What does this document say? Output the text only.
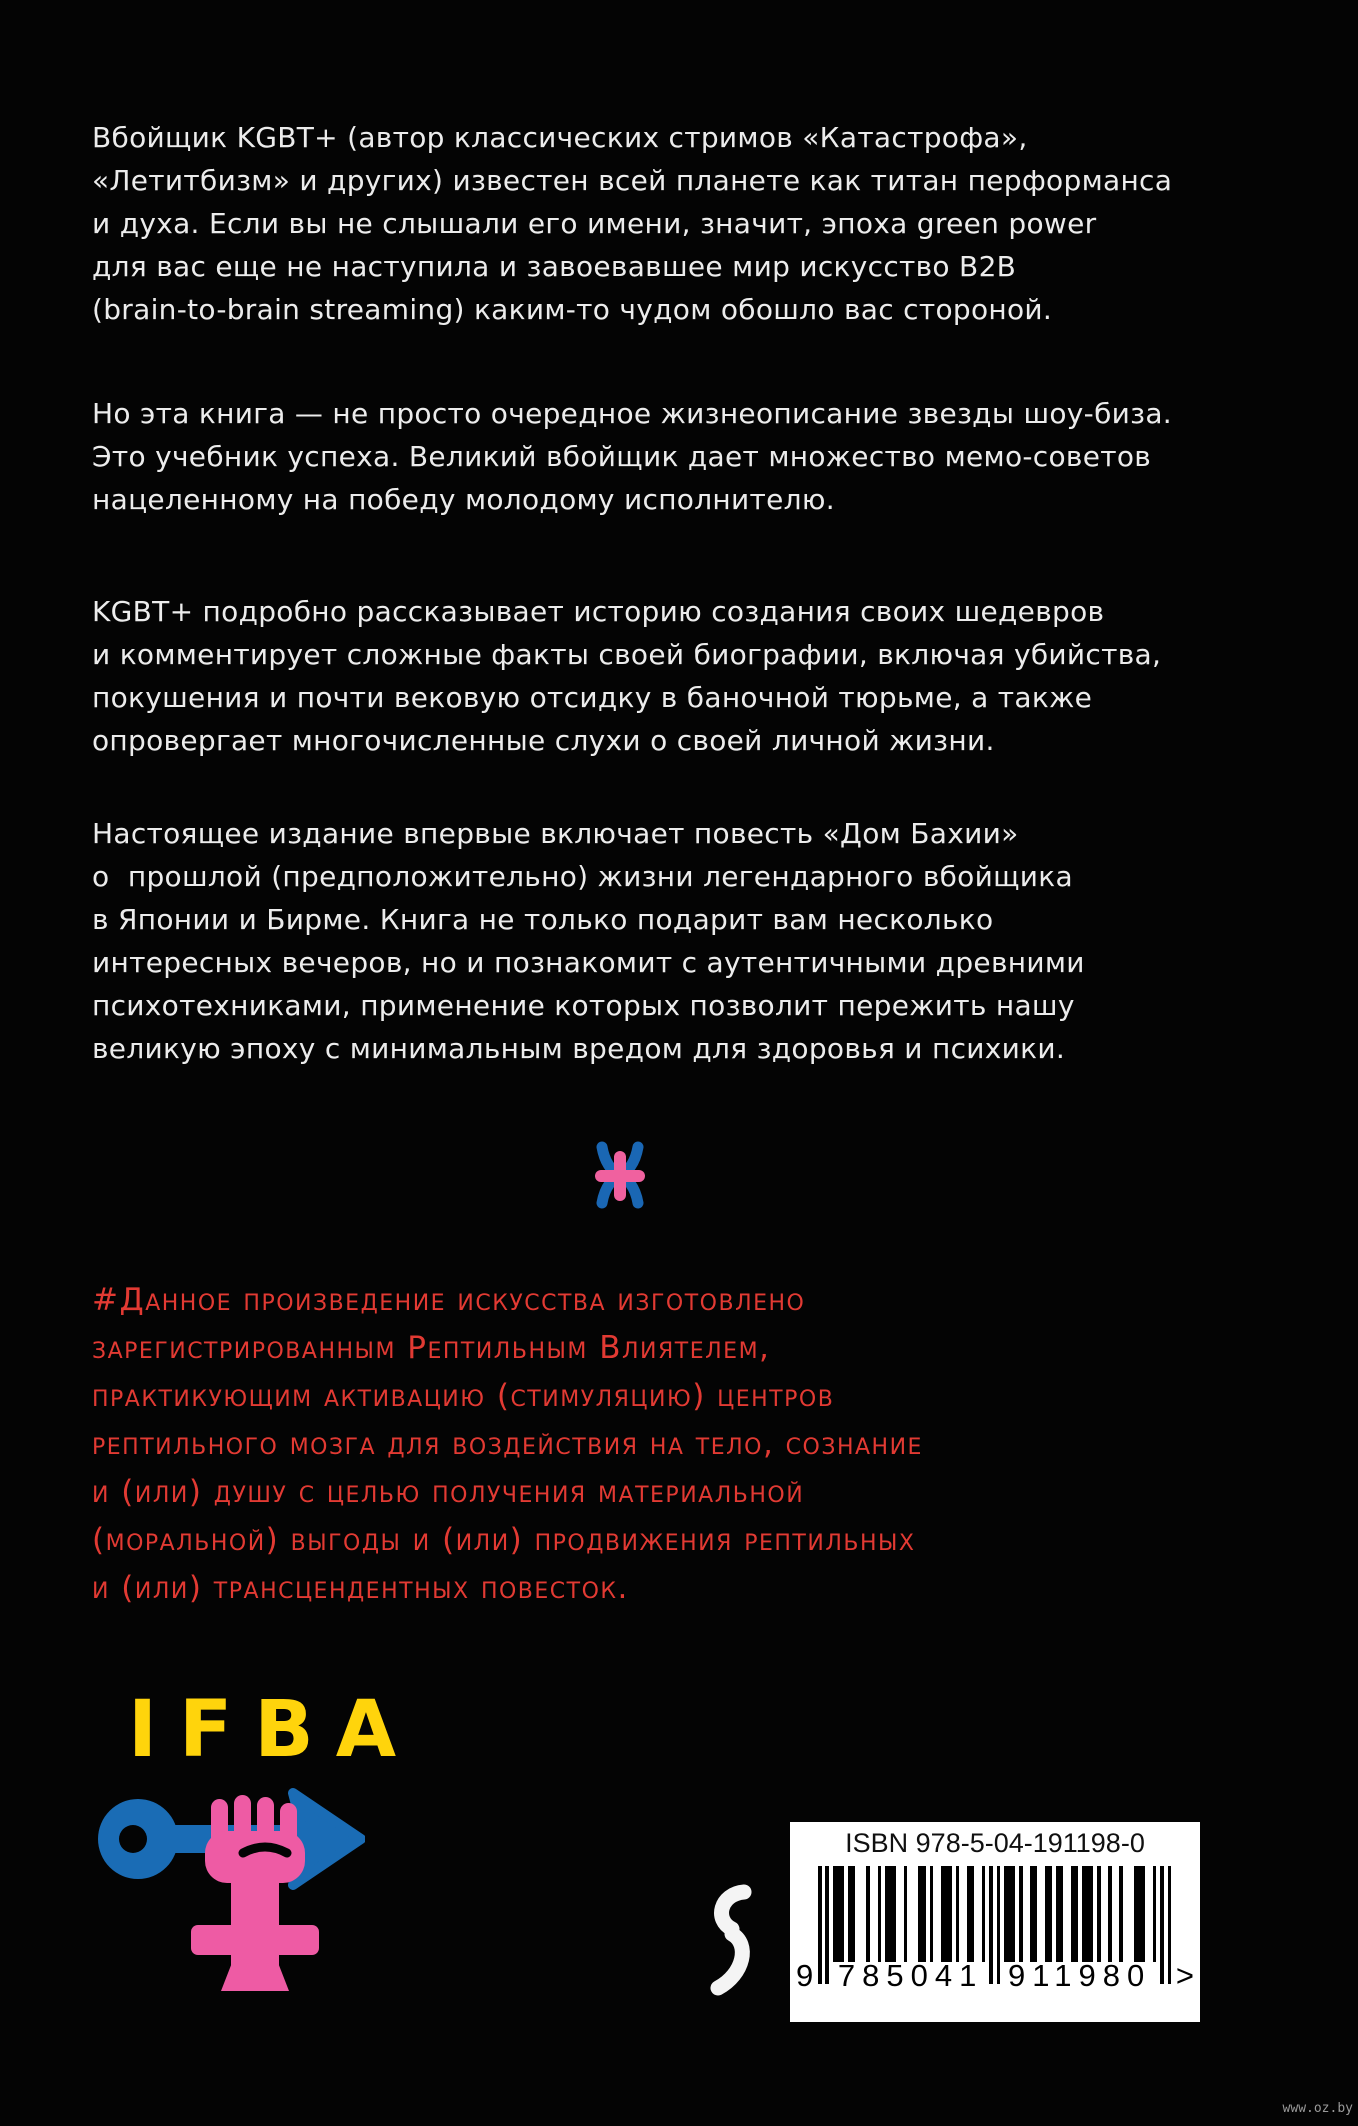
Вбойщик KGBT+ (автор классических стримов «Катастрофа»,
«Летитбизм» и других) известен всей планете как титан перформанса
и духа. Если вы не слышали его имени, значит, эпоха green power
для вас еще не наступила и завоевавшее мир искусство B2B
(brain-to-brain streaming) каким-то чудом обошло вас стороной.
Но эта книга — не просто очередное жизнеописание звезды шоу-биза.
Это учебник успеха. Великий вбойщик дает множество мемо-советов
нацеленному на победу молодому исполнителю.
KGBT+ подробно рассказывает историю создания своих шедевров
и комментирует сложные факты своей биографии, включая убийства,
покушения и почти вековую отсидку в баночной тюрьме, а также
опровергает многочисленные слухи о своей личной жизни.
Настоящее издание впервые включает повесть «Дом Бахии»
о  прошлой (предположительно) жизни легендарного вбойщика
в Японии и Бирме. Книга не только подарит вам несколько
интересных вечеров, но и познакомит с аутентичными древними
психотехниками, применение которых позволит пережить нашу
великую эпоху с минимальным вредом для здоровья и психики.
#Данное произведение искусства изготовлено
зарегистрированным Рептильным Влиятелем,
практикующим активацию (стимуляцию) центров
рептильного мозга для воздействия на тело, сознание
и (или) душу с целью получения материальной
(моральной) выгоды и (или) продвижения рептильных
и (или) трансцендентных повесток.
IFBA
ISBN 978-5-04-191198-0
9 785041 911980 >
www.oz.by
